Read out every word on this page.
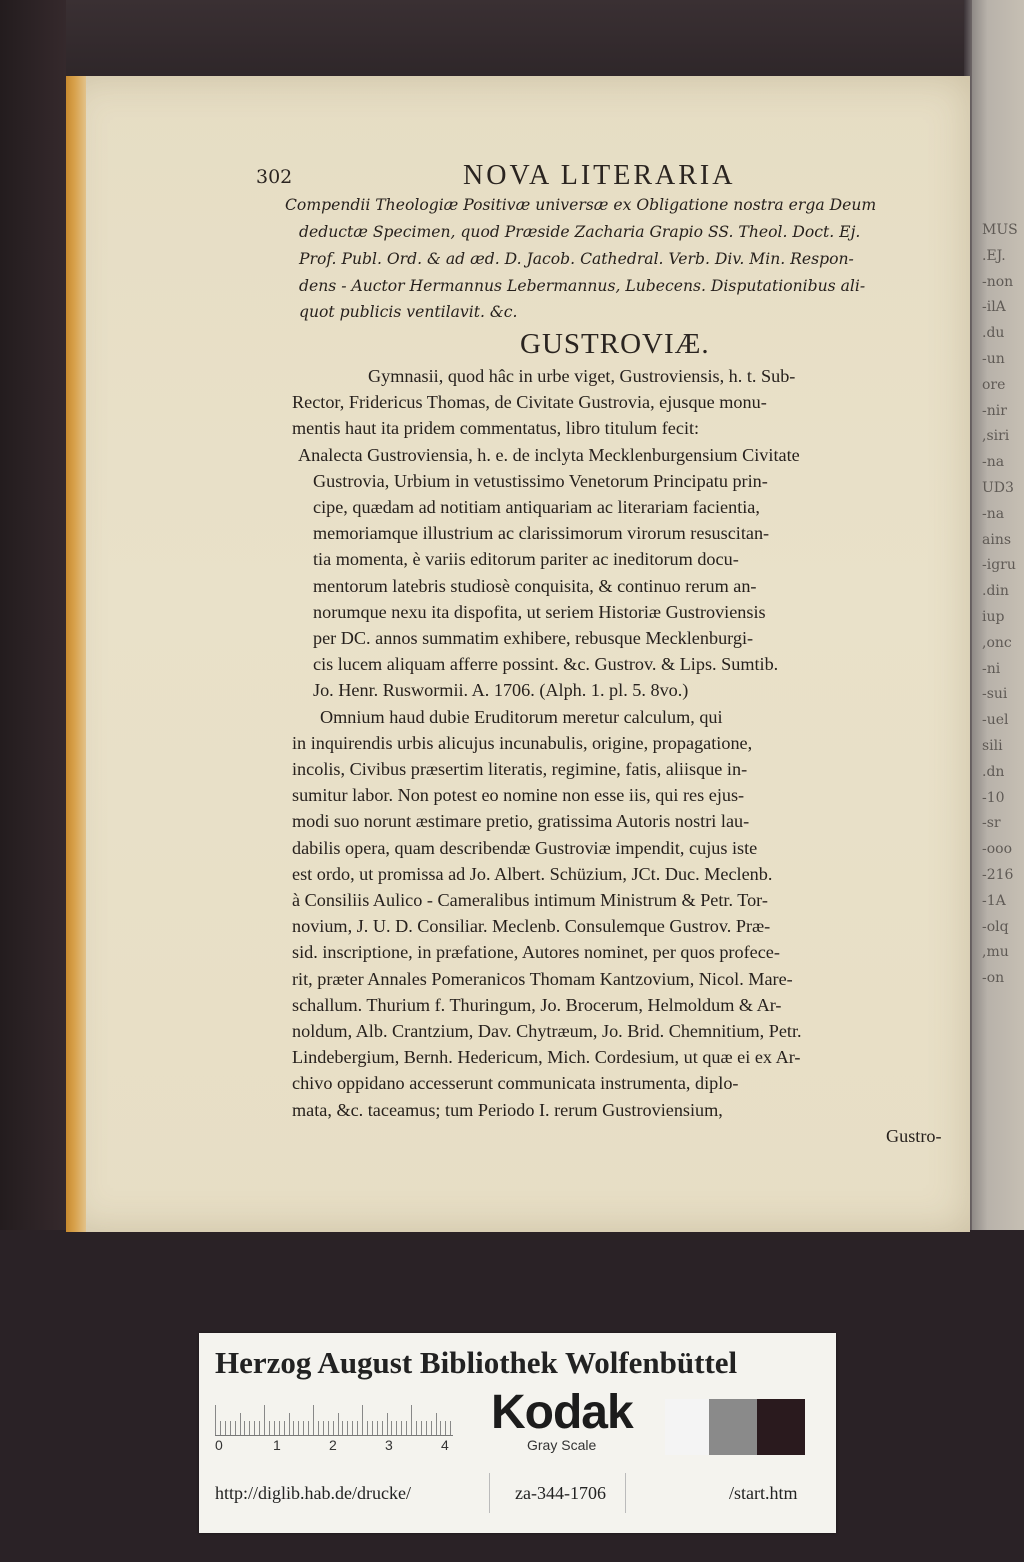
MUS
.EJ.
-non
-ilA
.du
-un
ore
-nir
,siri
-na
UD3
-na
ains
-igru
.din
iup
,onc
-ni
-sui
-uel
sili
.dn
-10
-sr
-ooo
-216
-1A
-olq
,mu
-on
302	NOVA LITERARIA
Compendii Theologiæ Positivæ universæ ex Obligatione nostra erga Deum
deductæ Specimen, quod Præside Zacharia Grapio SS. Theol. Doct. Ej.
Prof. Publ. Ord. & ad æd. D. Jacob. Cathedral. Verb. Div. Min. Respon-
dens - Auctor Hermannus Lebermannus, Lubecens. Disputationibus ali-
quot publicis ventilavit. &c.
GUSTROVIÆ.
Gymnasii, quod hâc in urbe viget, Gustroviensis, h. t. Sub-
Rector, Fridericus Thomas, de Civitate Gustrovia, ejusque monu-
mentis haut ita pridem commentatus, libro titulum fecit:
Analecta Gustroviensia, h. e. de inclyta Mecklenburgensium Civitate
Gustrovia, Urbium in vetustissimo Venetorum Principatu prin-
cipe, quædam ad notitiam antiquariam ac literariam facientia,
memoriamque illustrium ac clarissimorum virorum resuscitan-
tia momenta, è variis editorum pariter ac ineditorum docu-
mentorum latebris studiosè conquisita, & continuo rerum an-
norumque nexu ita dispofita, ut seriem Historiæ Gustroviensis
per DC. annos summatim exhibere, rebusque Mecklenburgi-
cis lucem aliquam afferre possint. &c. Gustrov. & Lips. Sumtib.
Jo. Henr. Ruswormii. A. 1706. (Alph. 1. pl. 5. 8vo.)
Omnium haud dubie Eruditorum meretur calculum, qui
in inquirendis urbis alicujus incunabulis, origine, propagatione,
incolis, Civibus præsertim literatis, regimine, fatis, aliisque in-
sumitur labor. Non potest eo nomine non esse iis, qui res ejus-
modi suo norunt æstimare pretio, gratissima Autoris nostri lau-
dabilis opera, quam describendæ Gustroviæ impendit, cujus iste
est ordo, ut promissa ad Jo. Albert. Schüzium, JCt. Duc. Meclenb.
à Consiliis Aulico - Cameralibus intimum Ministrum & Petr. Tor-
novium, J. U. D. Consiliar. Meclenb. Consulemque Gustrov. Præ-
sid. inscriptione, in præfatione, Autores nominet, per quos profece-
rit, præter Annales Pomeranicos Thomam Kantzovium, Nicol. Mare-
schallum. Thurium f. Thuringum, Jo. Brocerum, Helmoldum & Ar-
noldum, Alb. Crantzium, Dav. Chytræum, Jo. Brid. Chemnitium, Petr.
Lindebergium, Bernh. Hedericum, Mich. Cordesium, ut quæ ei ex Ar-
chivo oppidano accesserunt communicata instrumenta, diplo-
mata, &c. taceamus; tum Periodo I. rerum Gustroviensium,
Gustro-
Herzog August Bibliothek Wolfenbüttel
0	1	2	3	4
Kodak
Gray Scale
http://diglib.hab.de/drucke/	za-344-1706	/start.htm
